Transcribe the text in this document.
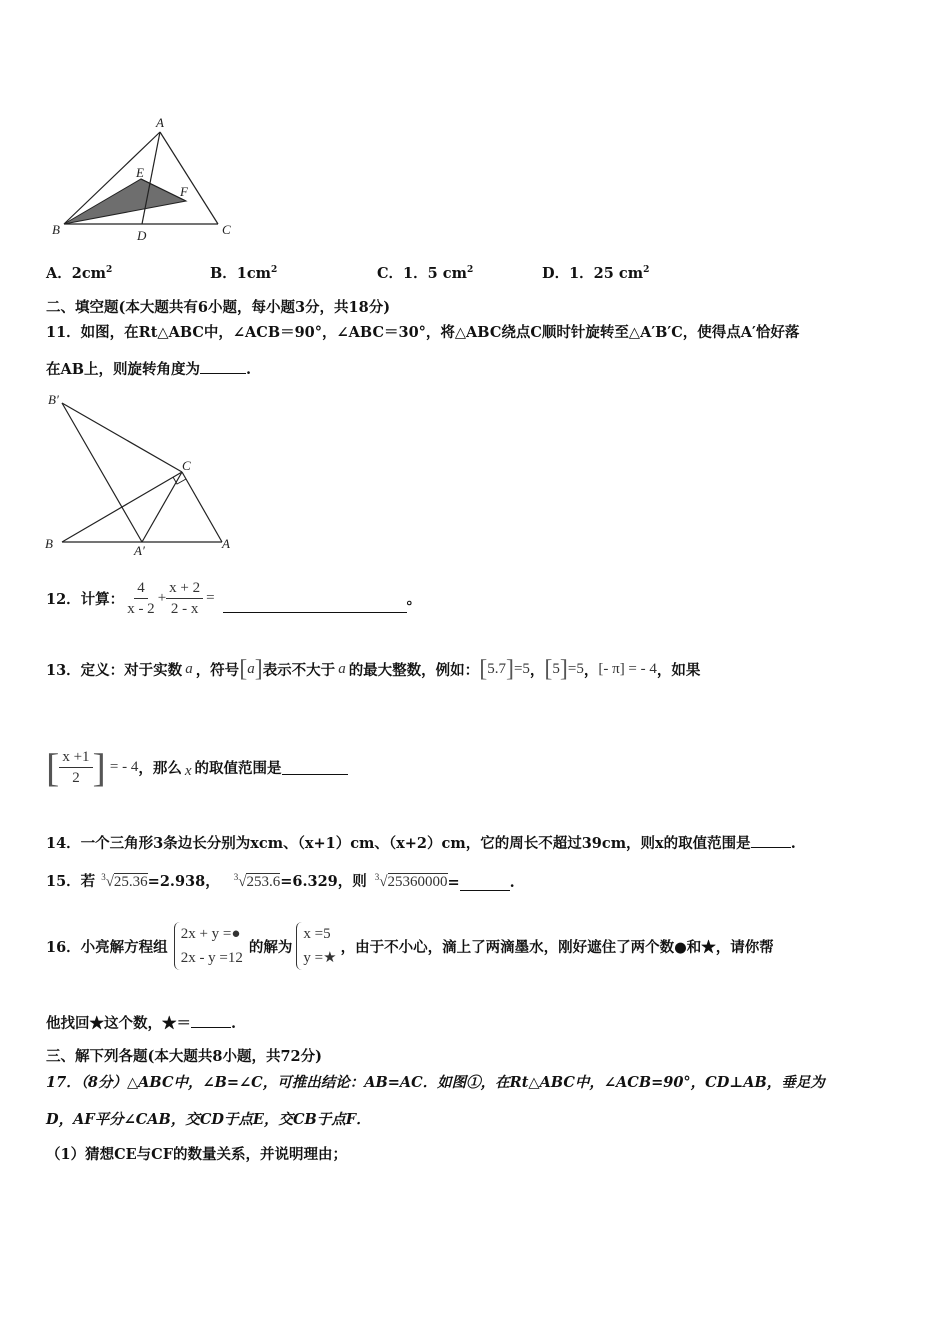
A
B	C
D
E
F
A．$2cm^2$	B．$1cm^2$	C．1．5 $cm^2$	D．1．25 $cm^2$
二、填空题(本大题共有6小题，每小题3分，共18分)
11．如图，在Rt△ABC中，∠ACB＝90°，∠ABC＝30°，将△ABC绕点C顺时针旋转至△A′B′C，使得点A′恰好落
在AB上，则旋转角度为	.
B′
C
B	A′	A
12．计算： $\frac{4}{x - 2} + \frac{x + 2}{2 - x}$ =	。
13．定义：对于实数 a ，符号 [ a ] 表示不大于 a 的最大整数，例如： [ 5.7 ] =5 ， [ 5 ] =5 ， [- π] = - 4 ，如果
[ $\frac{x +1}{2}$ ] = - 4 ，那么 x 的取值范围是
14．一个三角形3条边长分别为xcm、（x+1）cm、（x+2）cm，它的周长不超过39cm，则x的取值范围是	.
15．若 $^3$√25.36 =2.938， $^3$√253.6 =6.329，则 $^3$√25360000 =	.
16．小亮解方程组
2x + y =●
2x - y =12
的解为
x =5
y =★
，由于不小心，滴上了两滴墨水，刚好遮住了两个数●和★，请你帮
他找回★这个数，★＝	.
三、解下列各题(本大题共8小题，共72分)
17．（8分）△ABC中，∠B=∠C，可推出结论：AB=AC．如图①，在Rt△ABC中，∠ACB=90°，CD⊥AB，垂足为
D，AF平分∠CAB，交CD于点E，交CB于点F．
（1）猜想CE与CF的数量关系，并说明理由；
